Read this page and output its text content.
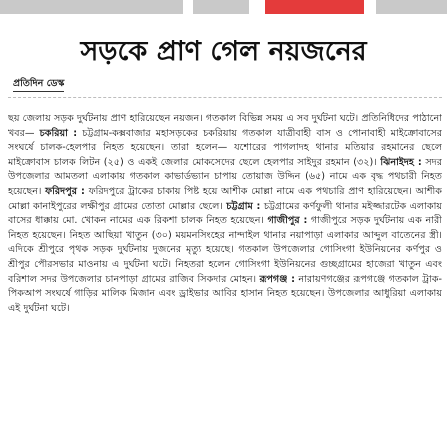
সড়কে প্রাণ গেল নয়জনের
প্রতিদিন ডেস্ক

ছয় জেলায় সড়ক দুর্ঘটনায় প্রাণ হারিয়েছেন নয়জন। গতকাল বিভিন্ন সময় এ সব দুর্ঘটনা ঘটে। প্রতিনিধিদের পাঠানো খবর— চকরিয়া : চট্টগ্রাম-কক্সবাজার মহাসড়কের চকরিয়ায় গতকাল যাত্রীবাহী বাস ও পোনাবাহী মাইক্রোবাসের সংঘর্ষে চালক-হেলপার নিহত হয়েছেন। তারা হলেন— যশোরের পাগলাদহ থানার মতিয়ার রহমানের ছেলে মাইক্রোবাস চালক লিটন (২৫) ও একই জেলার মোকসেদের ছেলে হেলপার সাইদুর রহমান (৩২)। ঝিনাইদহ : সদর উপজেলার আমতলা এলাকায় গতকাল কাভার্ডভ্যান চাপায় তোয়াজ উদ্দিন (৬৫) নামে এক বৃদ্ধ পথচারী নিহত হয়েছেন। ফরিদপুর : ফরিদপুরে ট্রাকের চাকায় পিষ্ট হয়ে আশীক মোল্লা নামে এক পথচারি প্রাণ হারিয়েছেন। আশীক মোল্লা কানাইপুরের লক্ষীপুর গ্রামের তোতা মোল্লার ছেলে। চট্টগ্রাম : চট্টগ্রামের কর্ণফুলী থানার মইজ্জারটেক এলাকায় বাসের ধাক্কায় মো. খোকন নামের এক রিকশা চালক নিহত হয়েছেন। গাজীপুর : গাজীপুরে সড়ক দুর্ঘটনায় এক নারী নিহত হয়েছেন। নিহত আছিয়া খাতুন (৩০) ময়মনসিংহের নান্দাইল থানার নয়াপাড়া এলাকার আব্দুল বাতেনের স্ত্রী। এদিকে শ্রীপুরে পৃথক সড়ক দুর্ঘটনায় দুজনের মৃত্যু হয়েছে। গতকাল উপজেলার গোসিংগা ইউনিয়নের কর্ণপুর ও শ্রীপুর পৌরসভার মাওনায় এ দুর্ঘটনা ঘটে। নিহতরা হলেন গোসিংগা ইউনিয়নের গুচ্ছগ্রামের হাজেরা খাতুন এবং বরিশাল সদর উপজেলার চানপাড়া গ্রামের রাজিব সিকদার মোহন। রূপগঞ্জ : নারায়ণগঞ্জের রূপগঞ্জে গতকাল ট্রাক-পিকআপ সংঘর্ষে গাড়ির মালিক মিজান এবং ড্রাইভার আবির হাসান নিহত হয়েছেন। উপজেলার আধুরিয়া এলাকায় এই দুর্ঘটনা ঘটে।
